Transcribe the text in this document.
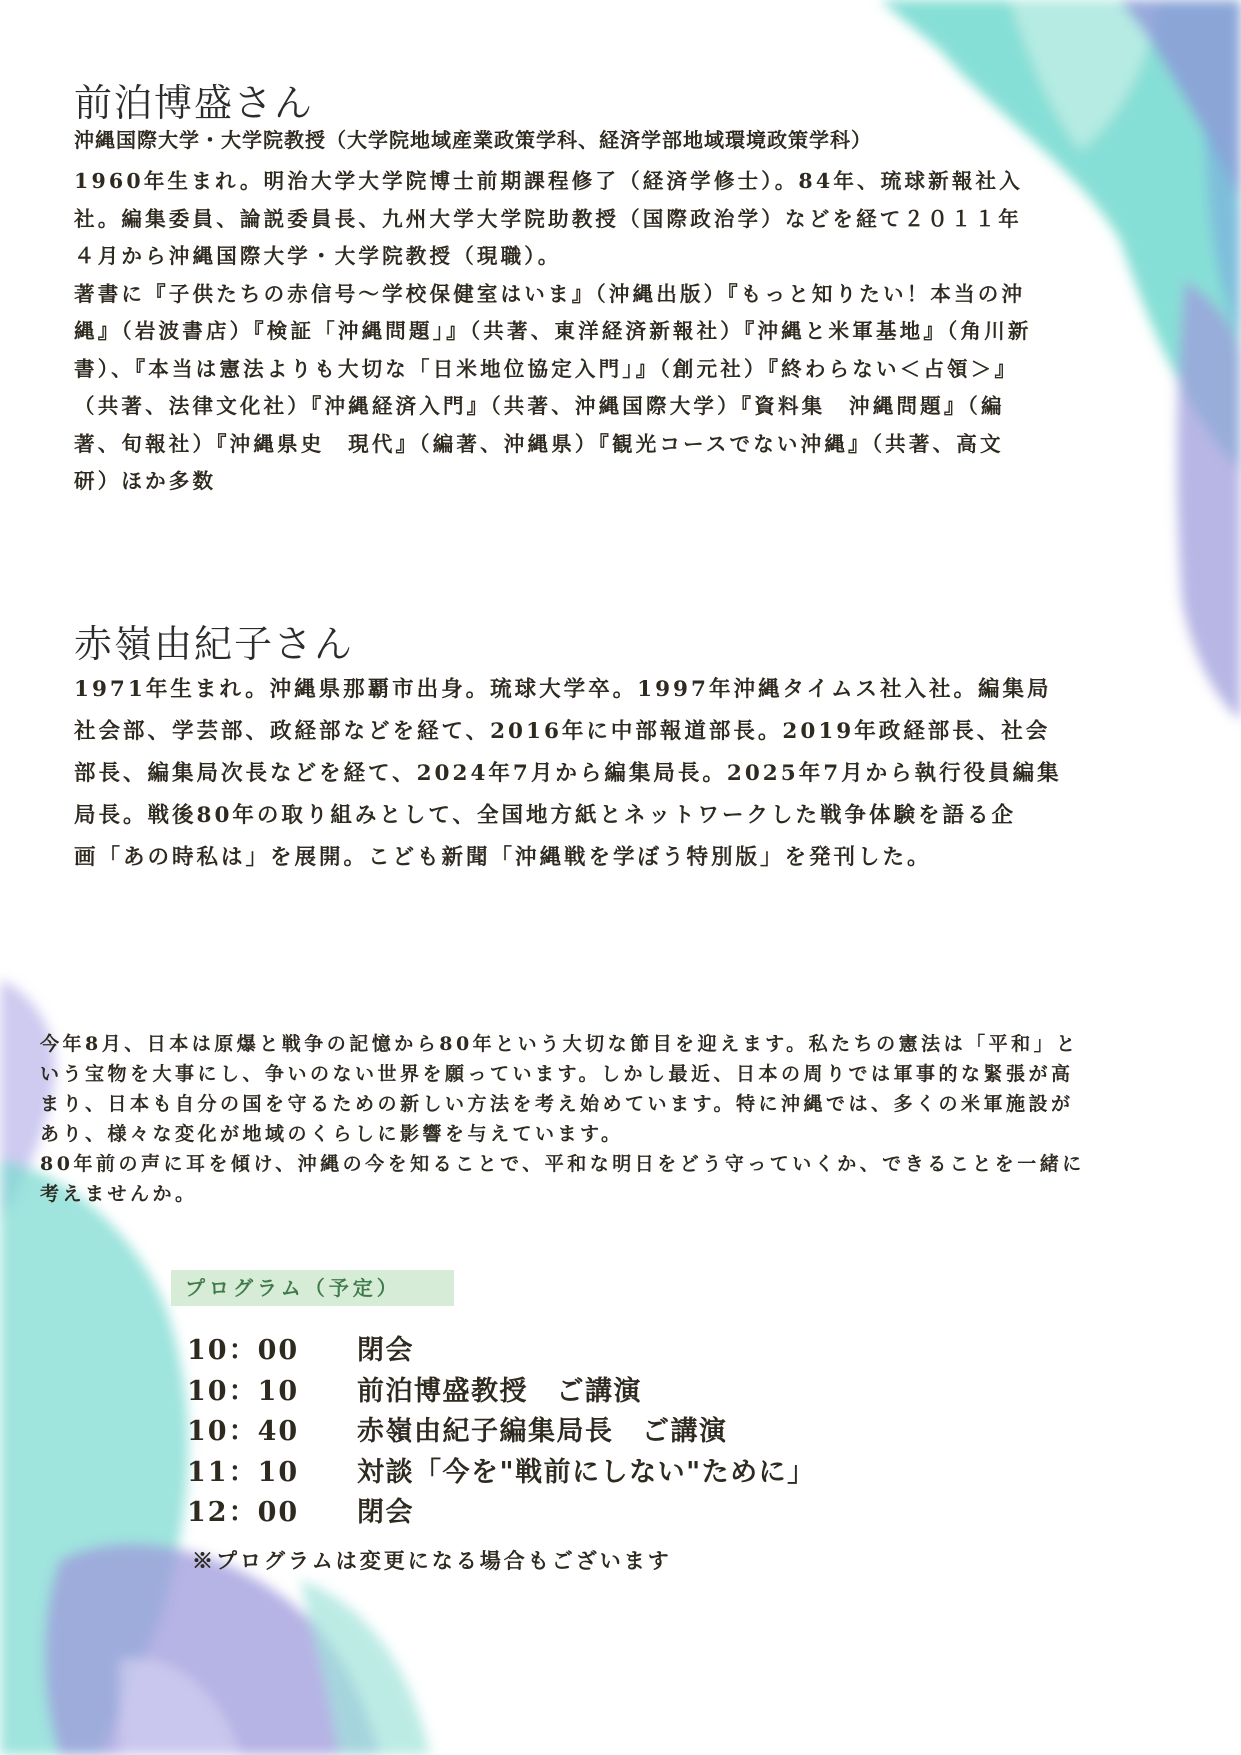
前泊博盛さん

沖縄国際大学・大学院教授（大学院地域産業政策学科、経済学部地域環境政策学科）

1960年生まれ。明治大学大学院博士前期課程修了（経済学修士）。84年、琉球新報社入
社。編集委員、論説委員長、九州大学大学院助教授（国際政治学）などを経て２０１１年
４月から沖縄国際大学・大学院教授（現職）。
著書に『子供たちの赤信号～学校保健室はいま』（沖縄出版）『もっと知りたい！本当の沖
縄』（岩波書店）『検証「沖縄問題」』（共著、東洋経済新報社）『沖縄と米軍基地』（角川新
書）、『本当は憲法よりも大切な「日米地位協定入門」』（創元社）『終わらない＜占領＞』
（共著、法律文化社）『沖縄経済入門』（共著、沖縄国際大学）『資料集　沖縄問題』（編
著、旬報社）『沖縄県史　現代』（編著、沖縄県）『観光コースでない沖縄』（共著、高文
研）ほか多数
赤嶺由紀子さん
1971年生まれ。沖縄県那覇市出身。琉球大学卒。1997年沖縄タイムス社入社。編集局
社会部、学芸部、政経部などを経て、2016年に中部報道部長。2019年政経部長、社会
部長、編集局次長などを経て、2024年7月から編集局長。2025年7月から執行役員編集
局長。戦後80年の取り組みとして、全国地方紙とネットワークした戦争体験を語る企
画「あの時私は」を展開。こども新聞「沖縄戦を学ぼう特別版」を発刊した。
今年8月、日本は原爆と戦争の記憶から80年という大切な節目を迎えます。私たちの憲法は「平和」と
いう宝物を大事にし、争いのない世界を願っています。しかし最近、日本の周りでは軍事的な緊張が高
まり、日本も自分の国を守るための新しい方法を考え始めています。特に沖縄では、多くの米軍施設が
あり、様々な変化が地域のくらしに影響を与えています。
80年前の声に耳を傾け、沖縄の今を知ることで、平和な明日をどう守っていくか、できることを一緒に
考えませんか。
プログラム（予定）
10：00 閉会
10：10 前泊博盛教授　ご講演
10：40 赤嶺由紀子編集局長　ご講演
11：10 対談「今を"戦前にしない"ために」
12：00 閉会

※プログラムは変更になる場合もございます
